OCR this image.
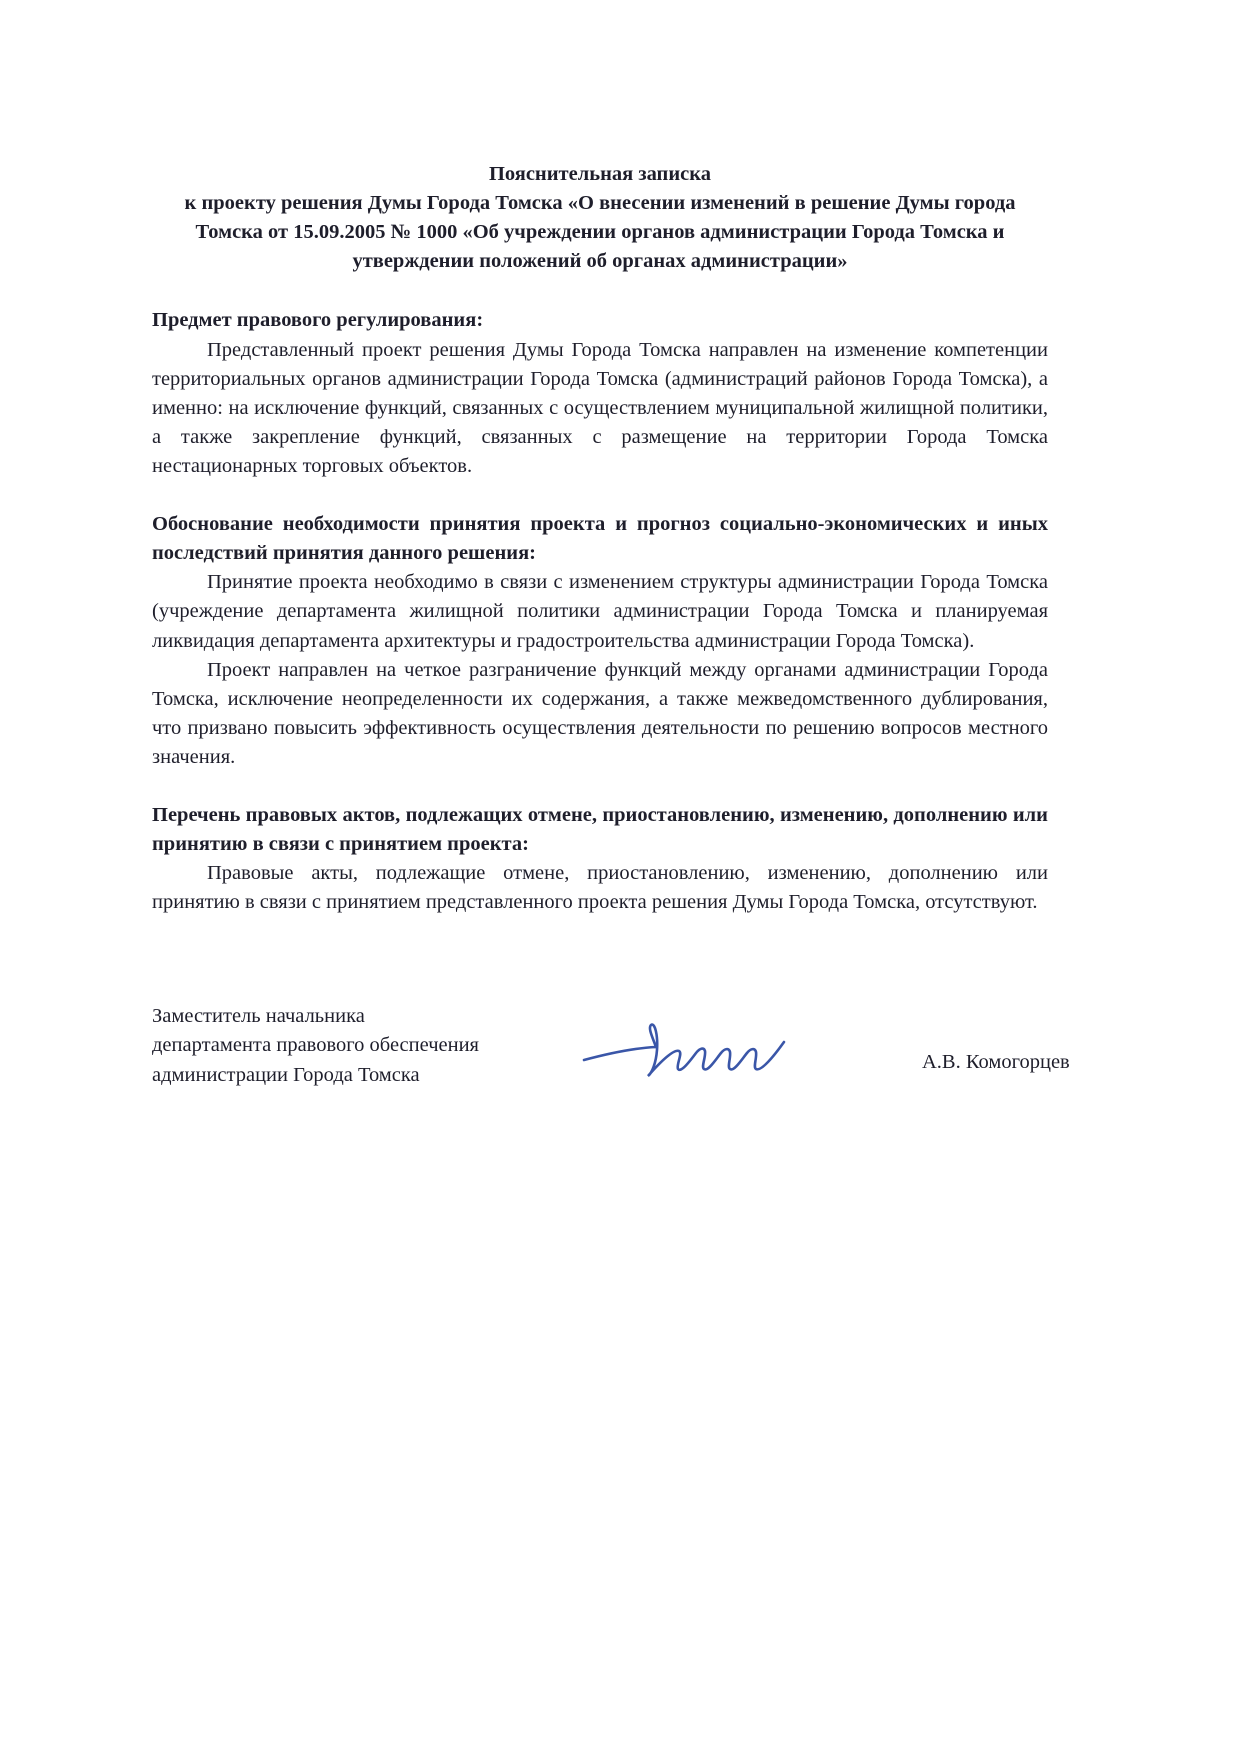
Пояснительная записка
к проекту решения Думы Города Томска «О внесении изменений в решение Думы города Томска от 15.09.2005 № 1000 «Об учреждении органов администрации Города Томска и утверждении положений об органах администрации»
Предмет правового регулирования:

Представленный проект решения Думы Города Томска направлен на изменение компетенции территориальных органов администрации Города Томска (администраций районов Города Томска), а именно: на исключение функций, связанных с осуществлением муниципальной жилищной политики, а также закрепление функций, связанных с размещение на территории Города Томска нестационарных торговых объектов.

Обоснование необходимости принятия проекта и прогноз социально-экономических и иных последствий принятия данного решения:

Принятие проекта необходимо в связи с изменением структуры администрации Города Томска (учреждение департамента жилищной политики администрации Города Томска и планируемая ликвидация департамента архитектуры и градостроительства администрации Города Томска).

Проект направлен на четкое разграничение функций между органами администрации Города Томска, исключение неопределенности их содержания, а также межведомственного дублирования, что призвано повысить эффективность осуществления деятельности по решению вопросов местного значения.

Перечень правовых актов, подлежащих отмене, приостановлению, изменению, дополнению или принятию в связи с принятием проекта:

Правовые акты, подлежащие отмене, приостановлению, изменению, дополнению или принятию в связи с принятием представленного проекта решения Думы Города Томска, отсутствуют.

Заместитель начальника
департамента правового обеспечения
администрации Города Томска
А.В. Комогорцев
